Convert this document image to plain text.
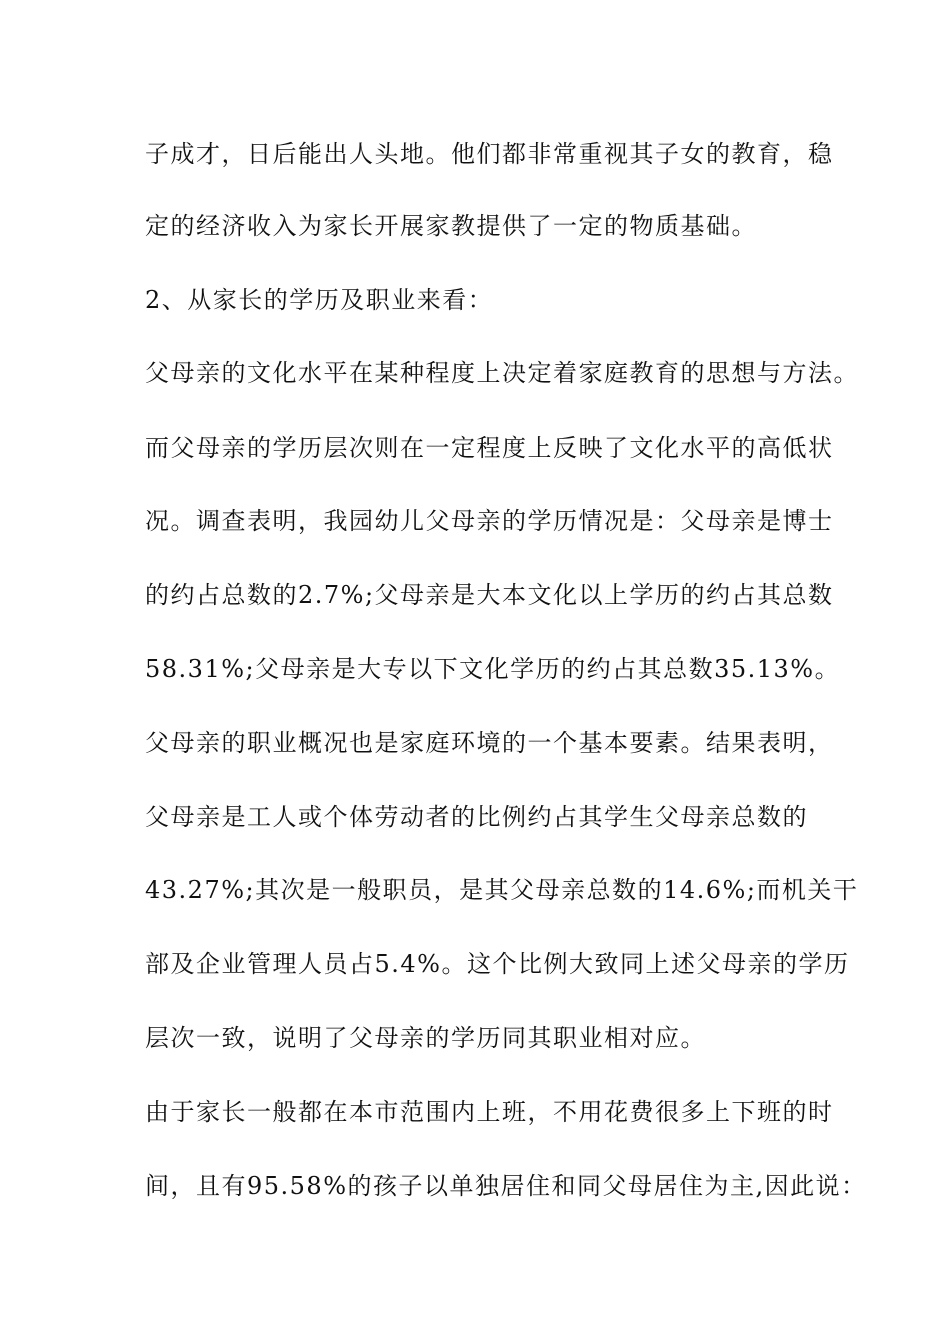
子成才，日后能出人头地。他们都非常重视其子女的教育，稳
定的经济收入为家长开展家教提供了一定的物质基础。
2、从家长的学历及职业来看：
父母亲的文化水平在某种程度上决定着家庭教育的思想与方法。
而父母亲的学历层次则在一定程度上反映了文化水平的高低状
况。调查表明，我园幼儿父母亲的学历情况是：父母亲是博士
的约占总数的2.7%;父母亲是大本文化以上学历的约占其总数
58.31%;父母亲是大专以下文化学历的约占其总数35.13%。
父母亲的职业概况也是家庭环境的一个基本要素。结果表明，
父母亲是工人或个体劳动者的比例约占其学生父母亲总数的
43.27%;其次是一般职员，是其父母亲总数的14.6%;而机关干
部及企业管理人员占5.4%。这个比例大致同上述父母亲的学历
层次一致，说明了父母亲的学历同其职业相对应。
由于家长一般都在本市范围内上班，不用花费很多上下班的时
间，且有95.58%的孩子以单独居住和同父母居住为主,因此说：
